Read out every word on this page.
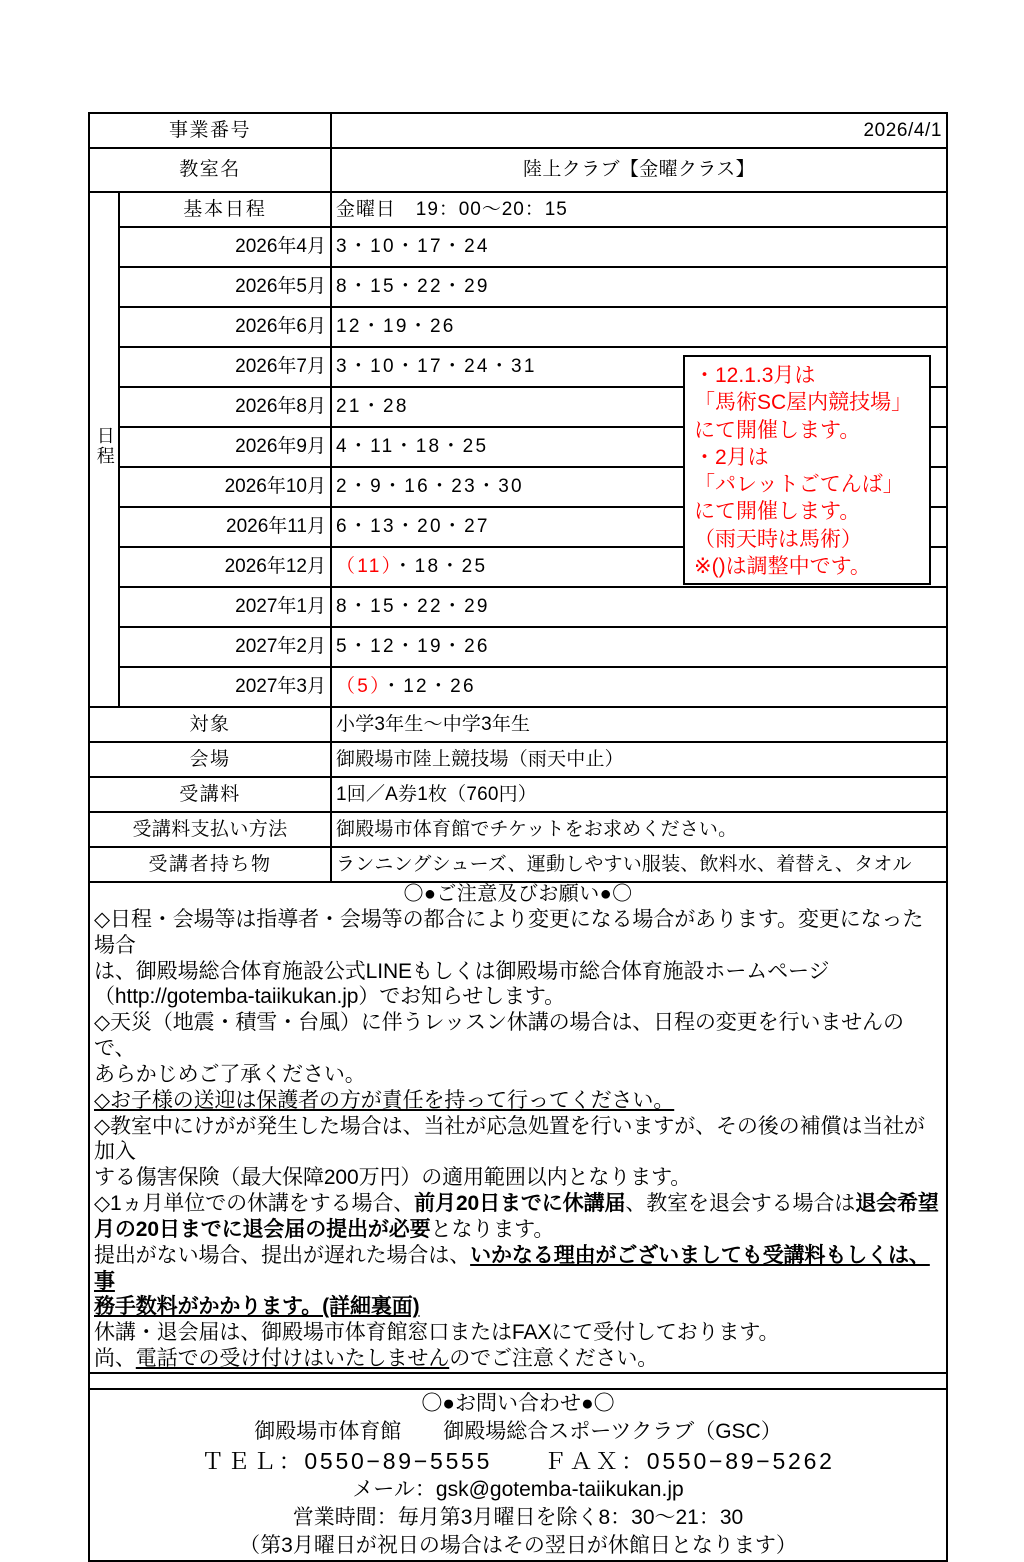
事業番号		2026/4/1
教室名		陸上クラブ【金曜クラス】
日程	基本日程	金曜日　19：00〜20：15
	2026年4月	3・10・17・24
	2026年5月	8・15・22・29
	2026年6月	12・19・26
	2026年7月	3・10・17・24・31
	2026年8月	21・28
	2026年9月	4・11・18・25
	2026年10月	2・9・16・23・30
	2026年11月	6・13・20・27
	2026年12月	（11）・18・25
	2027年1月	8・15・22・29
	2027年2月	5・12・19・26
	2027年3月	（5）・12・26
対象		小学3年生〜中学3年生
会場		御殿場市陸上競技場（雨天中止）
受講料		1回／A券1枚（760円）
受講料支払い方法		御殿場市体育館でチケットをお求めください。
受講者持ち物		ランニングシューズ、運動しやすい服装、飲料水、着替え、タオル

〇●ご注意及びお願い●〇

◇日程・会場等は指導者・会場等の都合により変更になる場合があります。変更になった場合

は、御殿場総合体育施設公式LINEもしくは御殿場市総合体育施設ホームページ

（http://gotemba-taiikukan.jp）でお知らせします。

◇天災（地震・積雪・台風）に伴うレッスン休講の場合は、日程の変更を行いませんので、

あらかじめご了承ください。

◇お子様の送迎は保護者の方が責任を持って行ってください。

◇教室中にけがが発生した場合は、当社が応急処置を行いますが、その後の補償は当社が加入

する傷害保険（最大保障200万円）の適用範囲以内となります。

◇1ヵ月単位での休講をする場合、前月20日までに休講届、教室を退会する場合は退会希望

月の20日までに退会届の提出が必要となります。

提出がない場合、提出が遅れた場合は、いかなる理由がございましても受講料もしくは、事

務手数料がかかります。(詳細裏面)

休講・退会届は、御殿場市体育館窓口またはFAXにて受付しております。

尚、電話での受け付けはいたしませんのでご注意ください。

〇●お問い合わせ●〇

御殿場市体育館　　御殿場総合スポーツクラブ（GSC）

ＴＥＬ：0550−89−5555　　ＦＡＸ：0550−89−5262

メール：gsk@gotemba-taiikukan.jp

営業時間：毎月第3月曜日を除く8：30〜21：30

（第3月曜日が祝日の場合はその翌日が休館日となります）

・12.1.3月は
「馬術SC屋内競技場」
にて開催します。
・2月は
「パレットごてんば」
にて開催します。
（雨天時は馬術）
※()は調整中です。
